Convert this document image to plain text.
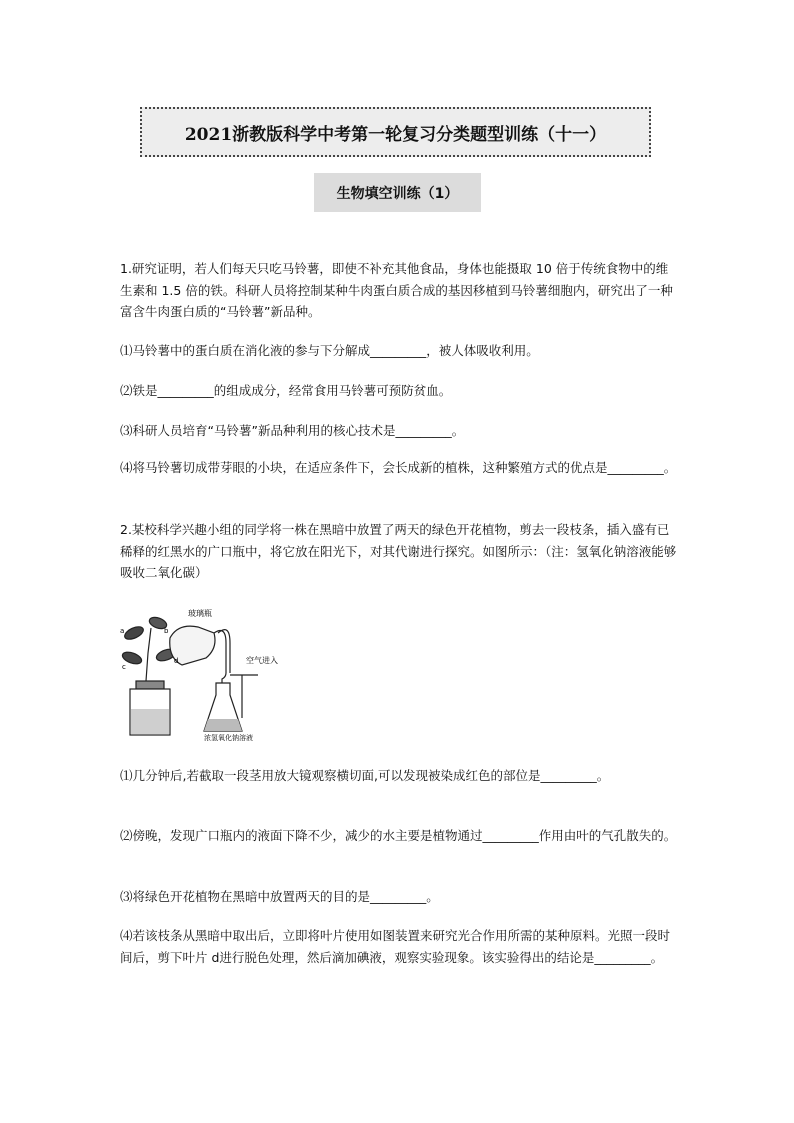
2021浙教版科学中考第一轮复习分类题型训练（十一）
生物填空训练（1）

1.研究证明，若人们每天只吃马铃薯，即使不补充其他食品，身体也能摄取 10 倍于传统食物中的维生素和 1.5 倍的铁。科研人员将控制某种牛肉蛋白质合成的基因移植到马铃薯细胞内，研究出了一种富含牛肉蛋白质的“马铃薯”新品种。

⑴马铃薯中的蛋白质在消化液的参与下分解成_________，被人体吸收利用。

⑵铁是_________的组成成分，经常食用马铃薯可预防贫血。

⑶科研人员培育“马铃薯”新品种利用的核心技术是_________。

⑷将马铃薯切成带芽眼的小块，在适应条件下，会长成新的植株，这种繁殖方式的优点是_________。

2.某校科学兴趣小组的同学将一株在黑暗中放置了两天的绿色开花植物，剪去一段枝条，插入盛有已稀释的红黑水的广口瓶中，将它放在阳光下，对其代谢进行探究。如图所示：（注：氢氧化钠溶液能够吸收二氧化碳）

玻璃瓶
空气进入
浓氢氧化钠溶液
a	b
c
d

⑴几分钟后,若截取一段茎用放大镜观察横切面,可以发现被染成红色的部位是_________。

⑵傍晚，发现广口瓶内的液面下降不少，减少的水主要是植物通过_________作用由叶的气孔散失的。

⑶将绿色开花植物在黑暗中放置两天的目的是_________。

⑷若该枝条从黑暗中取出后，立即将叶片使用如图装置来研究光合作用所需的某种原料。光照一段时间后，剪下叶片 d进行脱色处理，然后滴加碘液，观察实验现象。该实验得出的结论是_________。
